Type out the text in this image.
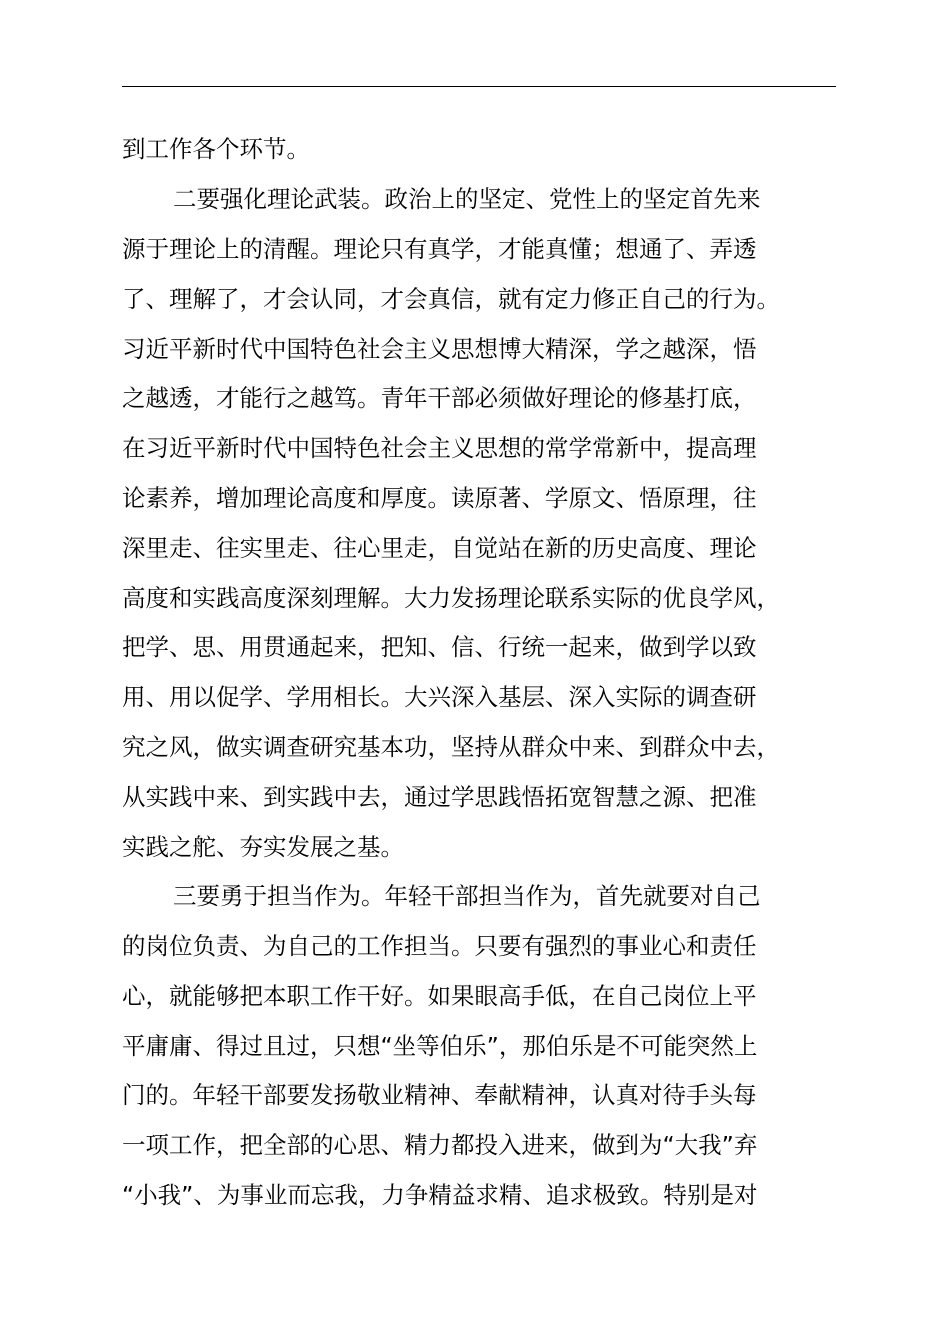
到工作各个环节。
二要强化理论武装。政治上的坚定、党性上的坚定首先来
源于理论上的清醒。理论只有真学，才能真懂；想通了、弄透
了、理解了，才会认同，才会真信，就有定力修正自己的行为。
习近平新时代中国特色社会主义思想博大精深，学之越深，悟
之越透，才能行之越笃。青年干部必须做好理论的修基打底，
在习近平新时代中国特色社会主义思想的常学常新中，提高理
论素养，增加理论高度和厚度。读原著、学原文、悟原理，往
深里走、往实里走、往心里走，自觉站在新的历史高度、理论
高度和实践高度深刻理解。大力发扬理论联系实际的优良学风，
把学、思、用贯通起来，把知、信、行统一起来，做到学以致
用、用以促学、学用相长。大兴深入基层、深入实际的调查研
究之风，做实调查研究基本功，坚持从群众中来、到群众中去，
从实践中来、到实践中去，通过学思践悟拓宽智慧之源、把准
实践之舵、夯实发展之基。
三要勇于担当作为。年轻干部担当作为，首先就要对自己
的岗位负责、为自己的工作担当。只要有强烈的事业心和责任
心，就能够把本职工作干好。如果眼高手低，在自己岗位上平
平庸庸、得过且过，只想“坐等伯乐”，那伯乐是不可能突然上
门的。年轻干部要发扬敬业精神、奉献精神，认真对待手头每
一项工作，把全部的心思、精力都投入进来，做到为“大我”弃
“小我”、为事业而忘我，力争精益求精、追求极致。特别是对
